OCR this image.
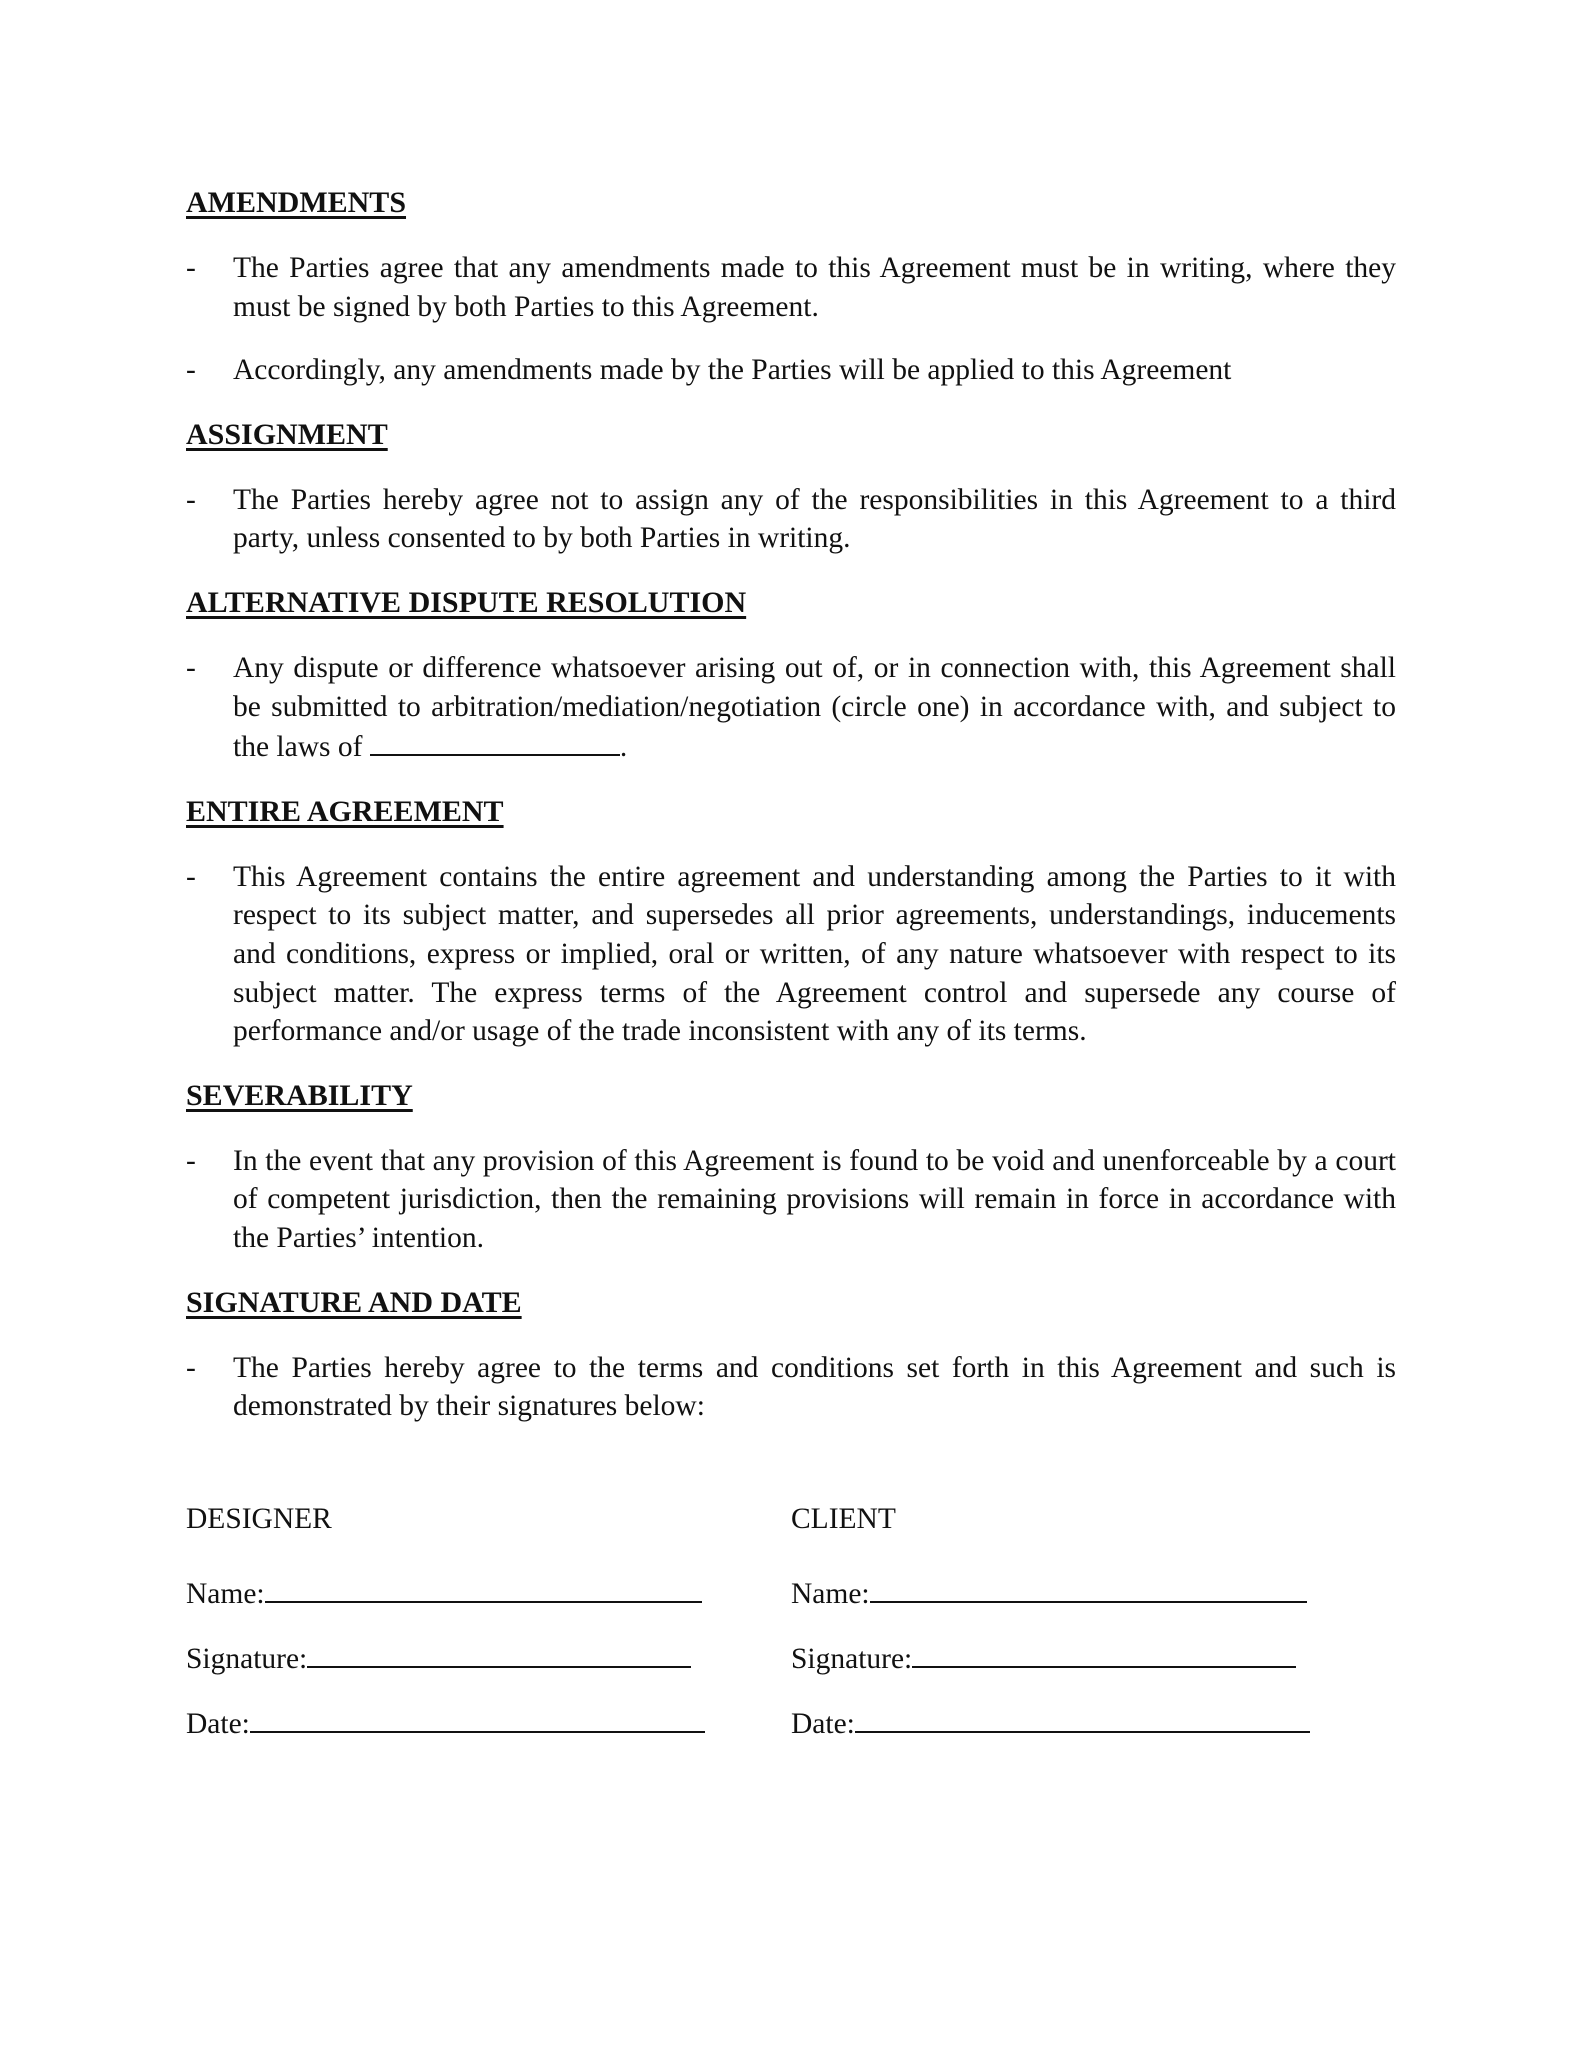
AMENDMENTS
- The Parties agree that any amendments made to this Agreement must be in writing, where they must be signed by both Parties to this Agreement.
- Accordingly, any amendments made by the Parties will be applied to this Agreement
ASSIGNMENT
- The Parties hereby agree not to assign any of the responsibilities in this Agreement to a third party, unless consented to by both Parties in writing.
ALTERNATIVE DISPUTE RESOLUTION
- Any dispute or difference whatsoever arising out of, or in connection with, this Agreement shall be submitted to arbitration/mediation/negotiation (circle one) in accordance with, and subject to the laws of	.
ENTIRE AGREEMENT
- This Agreement contains the entire agreement and understanding among the Parties to it with respect to its subject matter, and supersedes all prior agreements, understandings, inducements and conditions, express or implied, oral or written, of any nature whatsoever with respect to its subject matter. The express terms of the Agreement control and supersede any course of performance and/or usage of the trade inconsistent with any of its terms.
SEVERABILITY
- In the event that any provision of this Agreement is found to be void and unenforceable by a court of competent jurisdiction, then the remaining provisions will remain in force in accordance with the Parties’ intention.
SIGNATURE AND DATE
- The Parties hereby agree to the terms and conditions set forth in this Agreement and such is demonstrated by their signatures below:
DESIGNER
Name:
Signature:
Date:
CLIENT
Name:
Signature:
Date:
